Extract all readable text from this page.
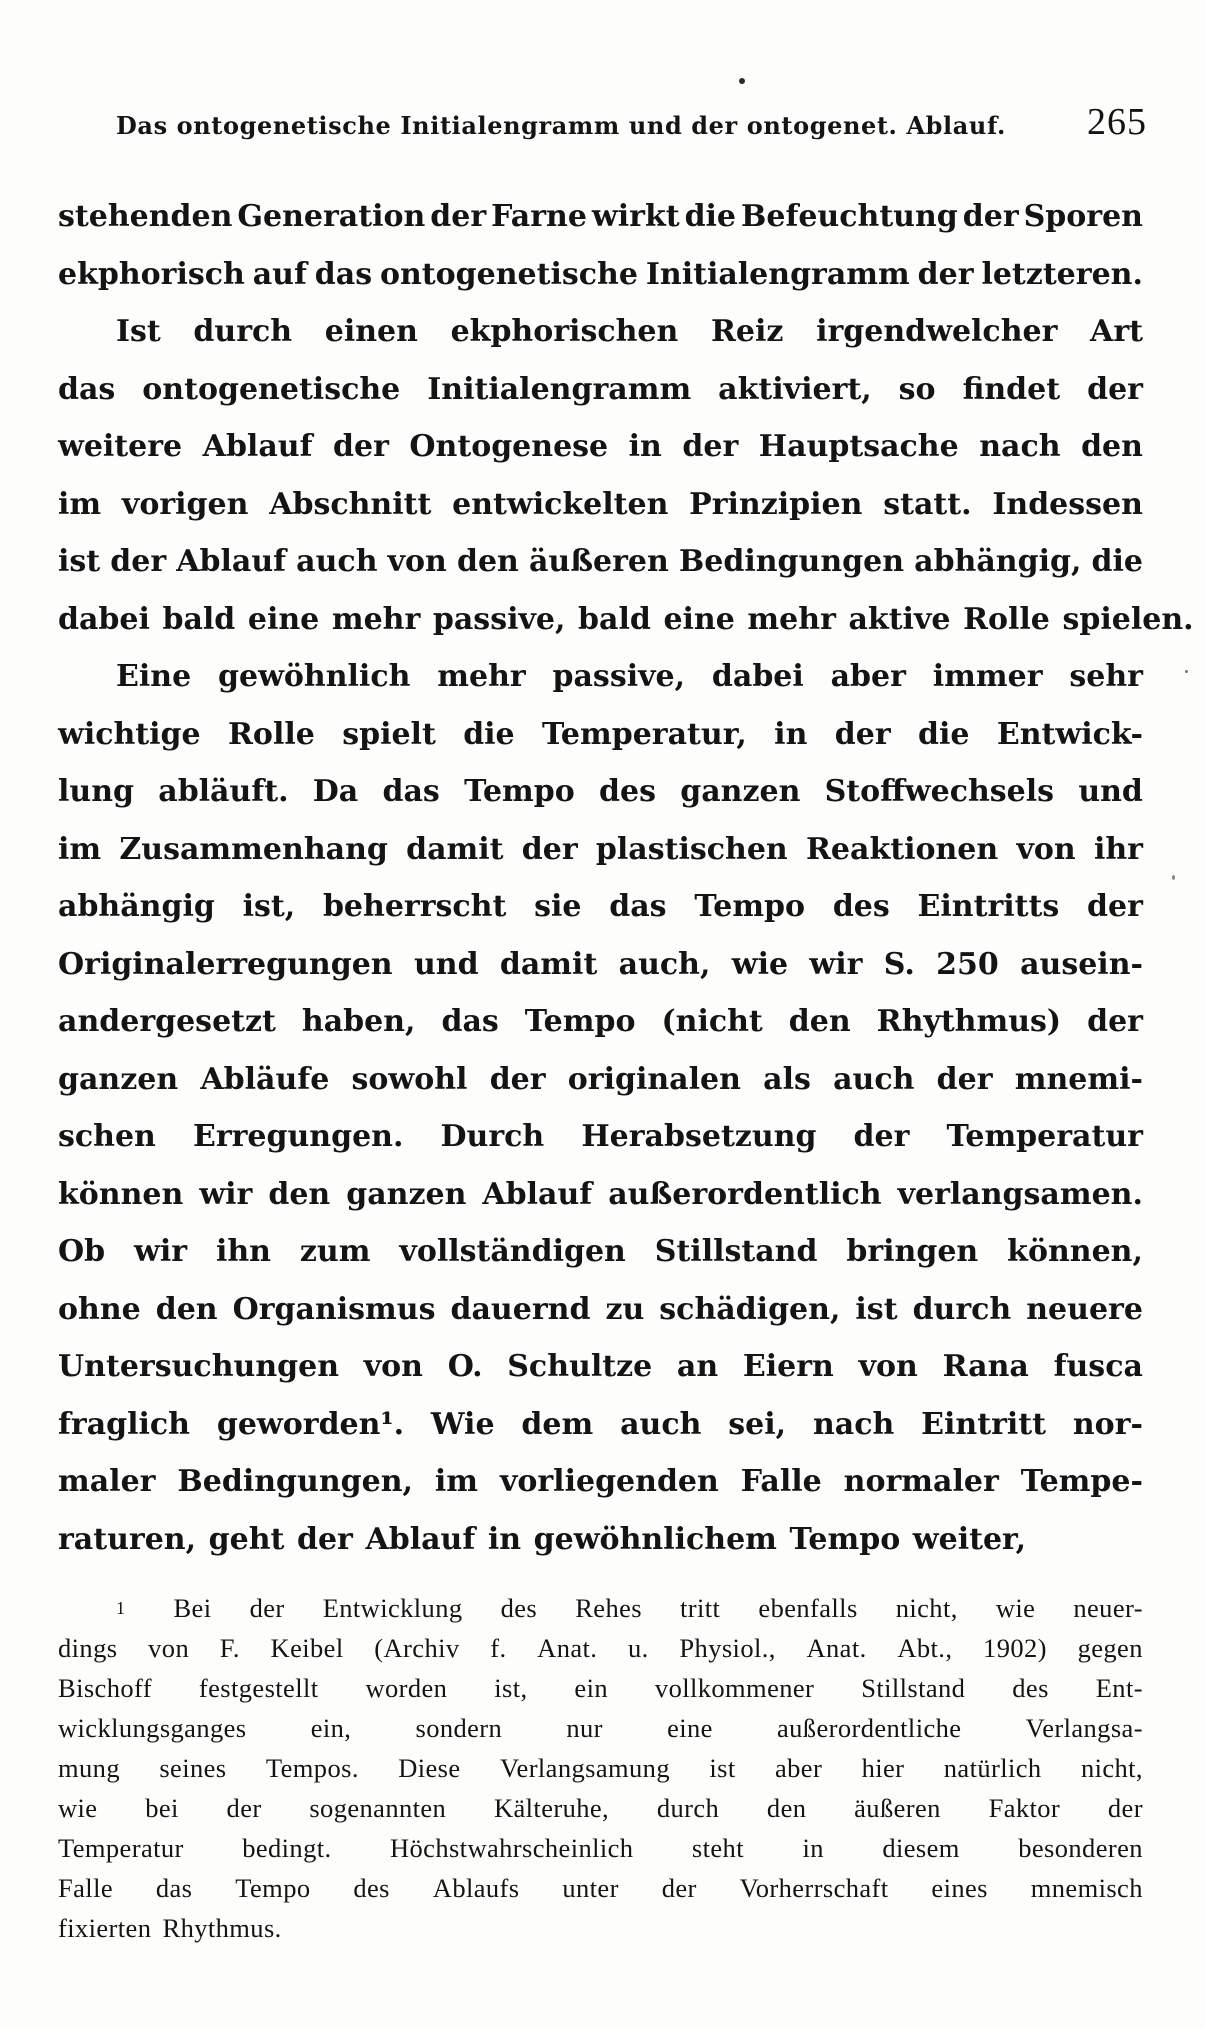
Das ontogenetische Initialengramm und der ontogenet. Ablauf. 265
stehenden Generation der Farne wirkt die Befeuchtung der Sporen
ekphorisch auf das ontogenetische Initialengramm der letzteren.
Ist durch einen ekphorischen Reiz irgendwelcher Art
das ontogenetische Initialengramm aktiviert, so findet der
weitere Ablauf der Ontogenese in der Hauptsache nach den
im vorigen Abschnitt entwickelten Prinzipien statt. Indessen
ist der Ablauf auch von den äußeren Bedingungen abhängig, die
dabei bald eine mehr passive, bald eine mehr aktive Rolle spielen.
Eine gewöhnlich mehr passive, dabei aber immer sehr
wichtige Rolle spielt die Temperatur, in der die Entwick-
lung abläuft. Da das Tempo des ganzen Stoffwechsels und
im Zusammenhang damit der plastischen Reaktionen von ihr
abhängig ist, beherrscht sie das Tempo des Eintritts der
Originalerregungen und damit auch, wie wir S. 250 ausein-
andergesetzt haben, das Tempo (nicht den Rhythmus) der
ganzen Abläufe sowohl der originalen als auch der mnemi-
schen Erregungen. Durch Herabsetzung der Temperatur
können wir den ganzen Ablauf außerordentlich verlangsamen.
Ob wir ihn zum vollständigen Stillstand bringen können,
ohne den Organismus dauernd zu schädigen, ist durch neuere
Untersuchungen von O. Schultze an Eiern von Rana fusca
fraglich geworden¹. Wie dem auch sei, nach Eintritt nor-
maler Bedingungen, im vorliegenden Falle normaler Tempe-
raturen, geht der Ablauf in gewöhnlichem Tempo weiter,
1 Bei der Entwicklung des Rehes tritt ebenfalls nicht, wie neuer-
dings von F. Keibel (Archiv f. Anat. u. Physiol., Anat. Abt., 1902) gegen
Bischoff festgestellt worden ist, ein vollkommener Stillstand des Ent-
wicklungsganges ein, sondern nur eine außerordentliche Verlangsa-
mung seines Tempos. Diese Verlangsamung ist aber hier natürlich nicht,
wie bei der sogenannten Kälteruhe, durch den äußeren Faktor der
Temperatur bedingt. Höchstwahrscheinlich steht in diesem besonderen
Falle das Tempo des Ablaufs unter der Vorherrschaft eines mnemisch
fixierten Rhythmus.
